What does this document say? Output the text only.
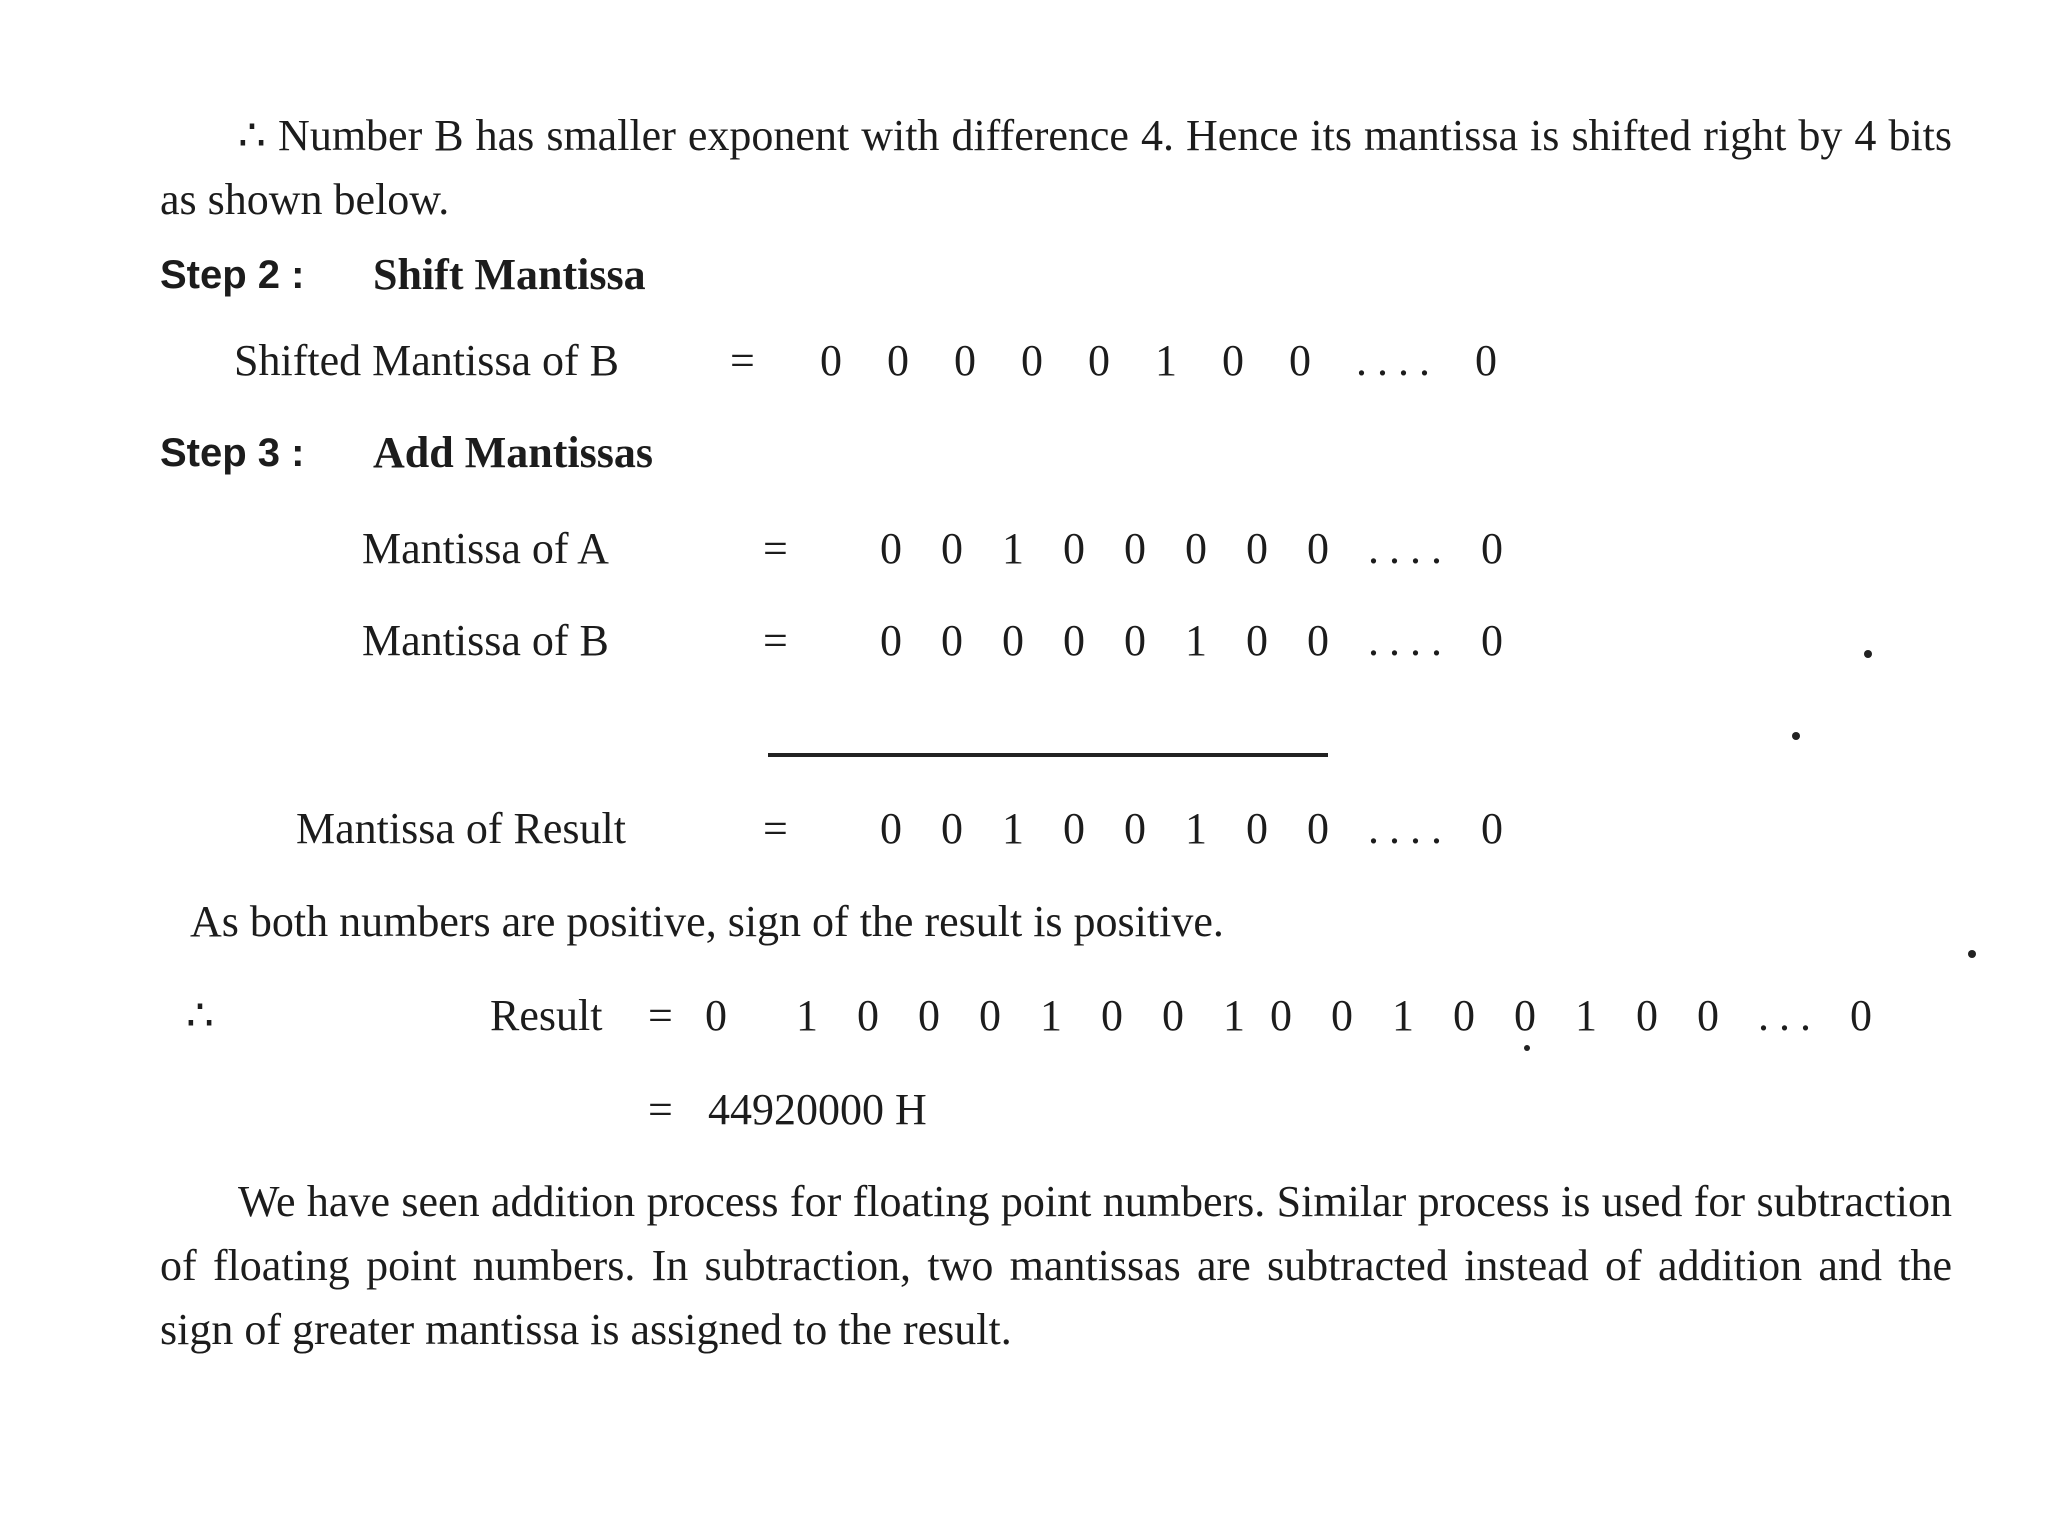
∴ Number B has smaller exponent with difference 4. Hence its mantissa is shifted right by 4 bits as shown below.
Step 2 : Shift Mantissa
Shifted Mantissa of B	= 0 0 0 0 0 1 0 0 .... 0
Step 3 : Add Mantissas
Mantissa of A	= 0 0 1 0 0 0 0 0 .... 0
Mantissa of B	= 0 0 0 0 0 1 0 0 .... 0
Mantissa of Result	= 0 0 1 0 0 1 0 0 .... 0
As both numbers are positive, sign of the result is positive.
∴	Result = 0 1 0 0 0 1 0 0 1 0 0 1 0 0 1 0 0 ... 0
= 44920000 H
We have seen addition process for floating point numbers. Similar process is used for subtraction of floating point numbers. In subtraction, two mantissas are subtracted instead of addition and the sign of greater mantissa is assigned to the result.
